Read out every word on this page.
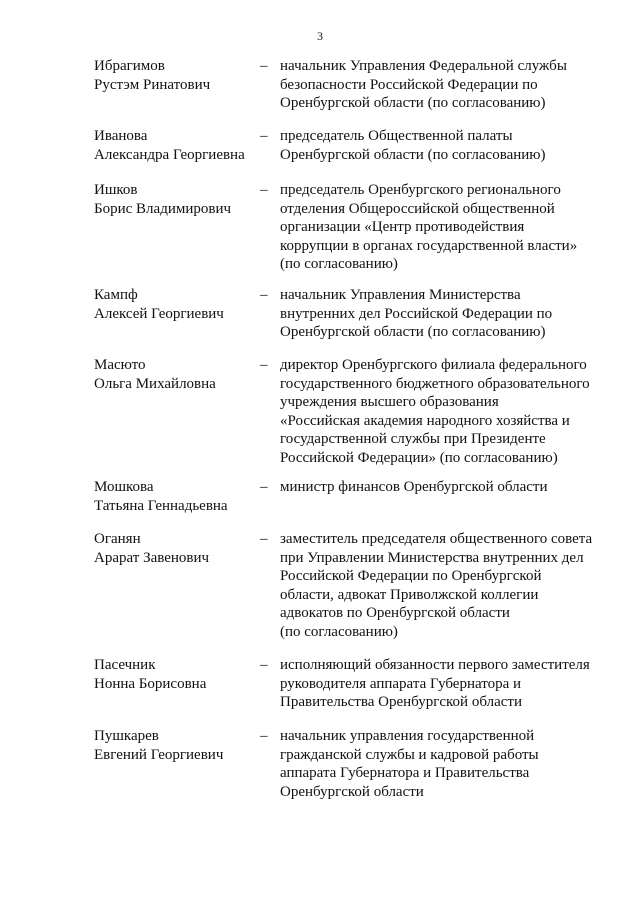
3
Ибрагимов
Рустэм Ринатович
– начальник Управления Федеральной службы
безопасности Российской Федерации по
Оренбургской области (по согласованию)
Иванова
Александра Георгиевна
– председатель Общественной палаты
Оренбургской области (по согласованию)
Ишков
Борис Владимирович
– председатель Оренбургского регионального
отделения Общероссийской общественной
организации «Центр противодействия
коррупции в органах государственной власти»
(по согласованию)
Кампф
Алексей Георгиевич
– начальник Управления Министерства
внутренних дел Российской Федерации по
Оренбургской области (по согласованию)
Масюто
Ольга Михайловна
– директор Оренбургского филиала федерального
государственного бюджетного образовательного
учреждения высшего образования
«Российская академия народного хозяйства и
государственной службы при Президенте
Российской Федерации» (по согласованию)
Мошкова
Татьяна Геннадьевна
– министр финансов Оренбургской области
Оганян
Арарат Завенович
– заместитель председателя общественного совета
при Управлении Министерства внутренних дел
Российской Федерации по Оренбургской
области, адвокат Приволжской коллегии
адвокатов по Оренбургской области
(по согласованию)
Пасечник
Нонна Борисовна
– исполняющий обязанности первого заместителя
руководителя аппарата Губернатора и
Правительства Оренбургской области
Пушкарев
Евгений Георгиевич
– начальник управления государственной
гражданской службы и кадровой работы
аппарата Губернатора и Правительства
Оренбургской области
